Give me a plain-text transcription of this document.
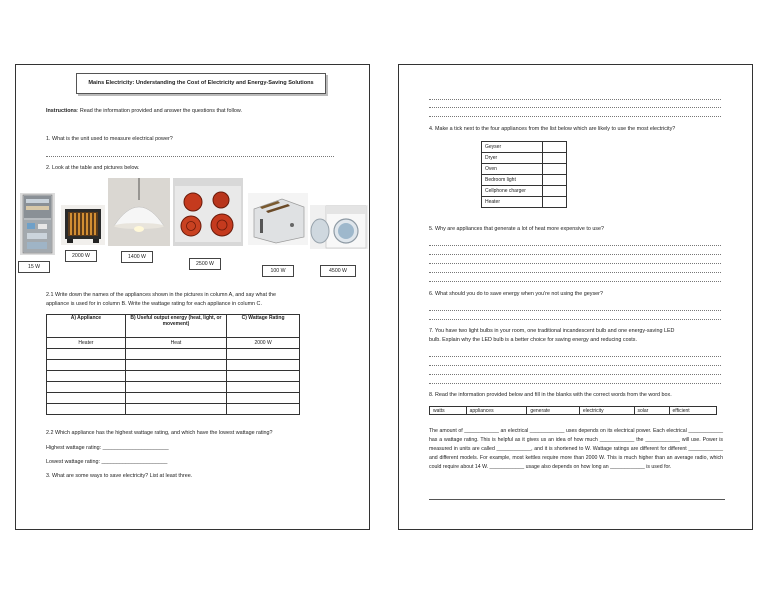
Mains Electricity: Understanding the Cost of Electricity and Energy-Saving Solutions
Instructions: Read the information provided and answer the questions that follow.
1. What is the unit used to measure electrical power?
2. Look at the table and pictures below.
15 W
2000 W	1400 W
2500 W
100 W	4500 W
2.1 Write down the names of the appliances shown in the pictures in column A, and say what the
appliance is used for in column B. Write the wattage rating for each appliance in column C.
A) Appliance	B) Useful output energy (heat, light, or movement)	C) Wattage Rating
Heater	Heat	2000 W

2.2 Which appliance has the highest wattage rating, and which have the lowest wattage rating?
Highest wattage rating: ______________________
Lowest wattage rating: ______________________
3. What are some ways to save electricity? List at least three.
4. Make a tick next to the four appliances from the list below which are likely to use the most electricity?
Geyser	
Dryer	
Oven	
Bedroom light	
Cellphone charger	
Heater	
5. Why are appliances that generate a lot of heat more expensive to use?
6. What should you do to save energy when you're not using the geyser?
7. You have two light bulbs in your room, one traditional incandescent bulb and one energy-saving LED
bulb. Explain why the LED bulb is a better choice for saving energy and reducing costs.
8. Read the information provided below and fill in the blanks with the correct words from the word box.
watts	appliances	generate	electricity	solar	efficient
The amount of ____________ an electrical ____________ uses depends on its electrical power. Each electrical ____________ has a wattage rating. This is helpful as it gives us an idea of how much ____________ the ____________ will use. Power is measured in units are called ____________, and it is shortened to W. Wattage ratings are different for different ____________ and different models. For example, most kettles require more than 2000 W. This is much higher than an average radio, which could require about 14 W. ____________ usage also depends on how long an ____________ is used for.
